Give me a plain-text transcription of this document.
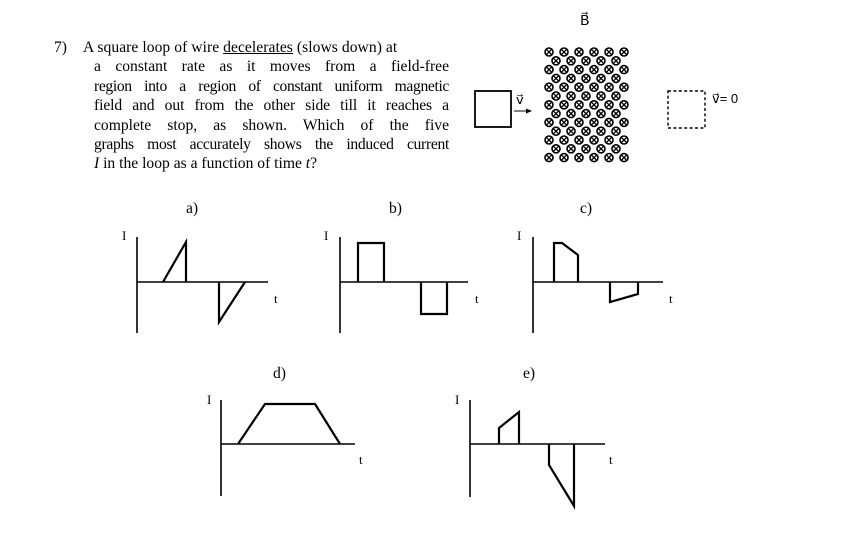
7) A square loop of wire decelerates (slows down) at
a constant rate as it moves from a field-free
region into a region of constant uniform magnetic
field and out from the other side till it reaches a
complete stop, as shown. Which of the five
graphs most accurately shows the induced current
I in the loop as a function of time t?
B⃗
v⃗	v⃗= 0
a)	b)	c)
d)	e)
I
t
I
t
I
t
I
t
I
t
